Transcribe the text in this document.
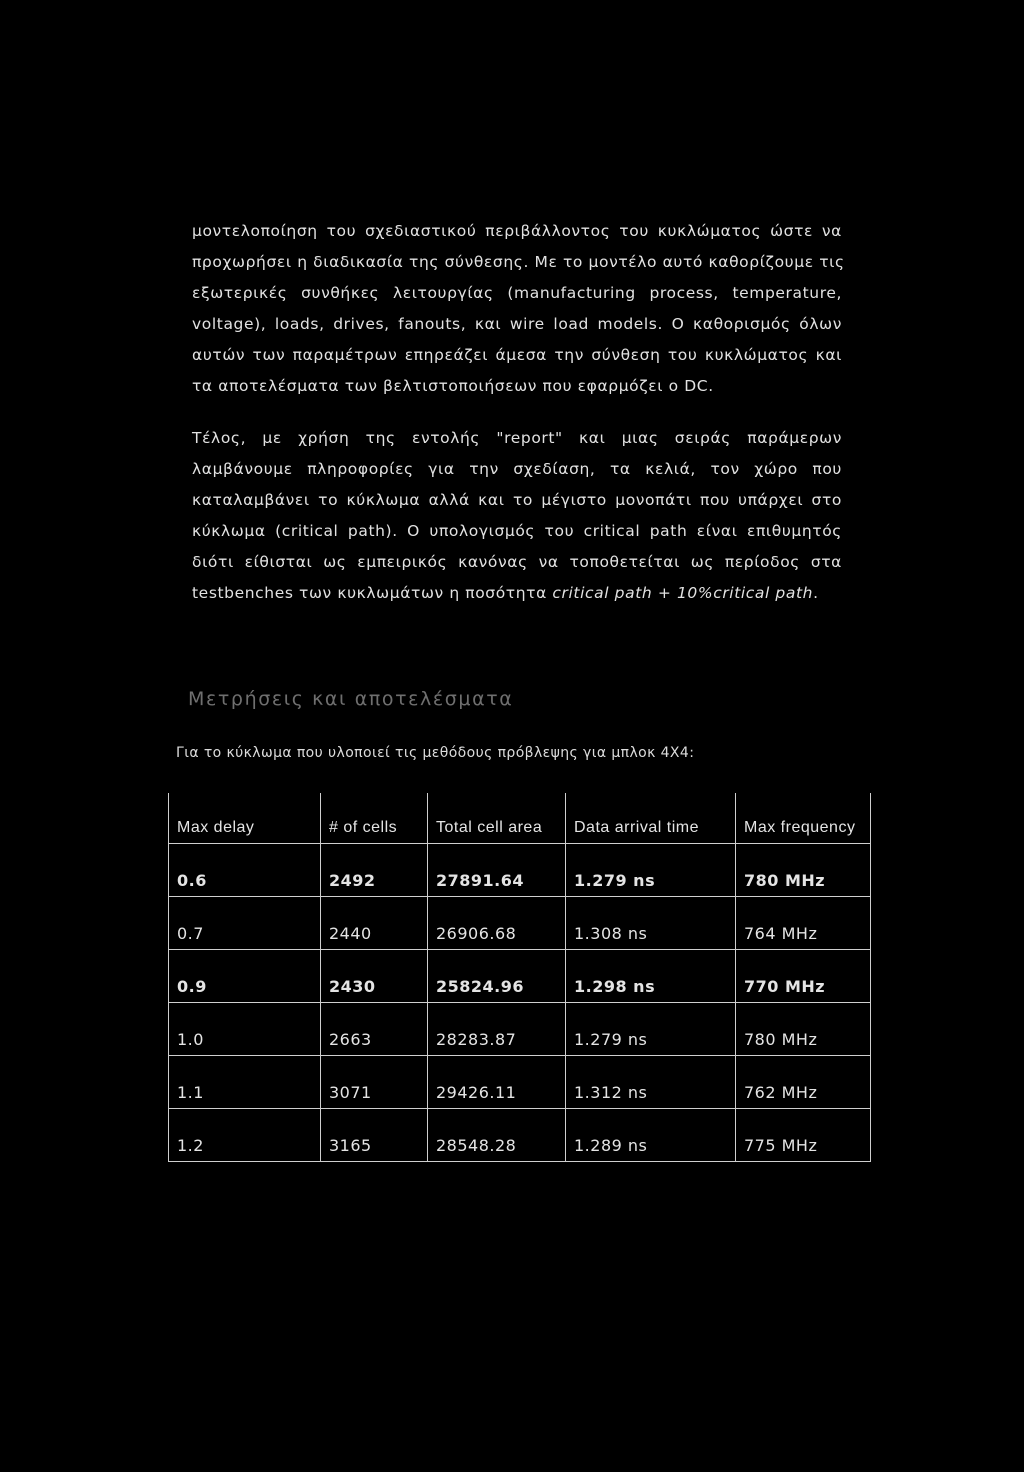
μοντελοποίηση του σχεδιαστικού περιβάλλοντος του κυκλώματος ώστε να
προχωρήσει η διαδικασία της σύνθεσης. Με το μοντέλο αυτό καθορίζουμε τις
εξωτερικές συνθήκες λειτουργίας (manufacturing process, temperature,
voltage), loads, drives, fanouts, και wire load models. Ο καθορισμός όλων
αυτών των παραμέτρων επηρεάζει άμεσα την σύνθεση του κυκλώματος και
τα αποτελέσματα των βελτιστοποιήσεων που εφαρμόζει ο DC.
Τέλος, με χρήση της εντολής "report" και μιας σειράς παράμερων
λαμβάνουμε πληροφορίες για την σχεδίαση, τα κελιά, τον χώρο που
καταλαμβάνει το κύκλωμα αλλά και το μέγιστο μονοπάτι που υπάρχει στο
κύκλωμα (critical path). Ο υπολογισμός του critical path είναι επιθυμητός
διότι είθισται ως εμπειρικός κανόνας να τοποθετείται ως περίοδος στα
testbenches των κυκλωμάτων η ποσότητα critical path + 10%critical path.
Μετρήσεις και αποτελέσματα
Για το κύκλωμα που υλοποιεί τις μεθόδους πρόβλεψης για μπλοκ 4X4:
Max delay	# of cells	Total cell area	Data arrival time	Max frequency
0.6	2492	27891.64	1.279 ns	780 MHz
0.7	2440	26906.68	1.308 ns	764 MHz
0.9	2430	25824.96	1.298 ns	770 MHz
1.0	2663	28283.87	1.279 ns	780 MHz
1.1	3071	29426.11	1.312 ns	762 MHz
1.2	3165	28548.28	1.289 ns	775 MHz
